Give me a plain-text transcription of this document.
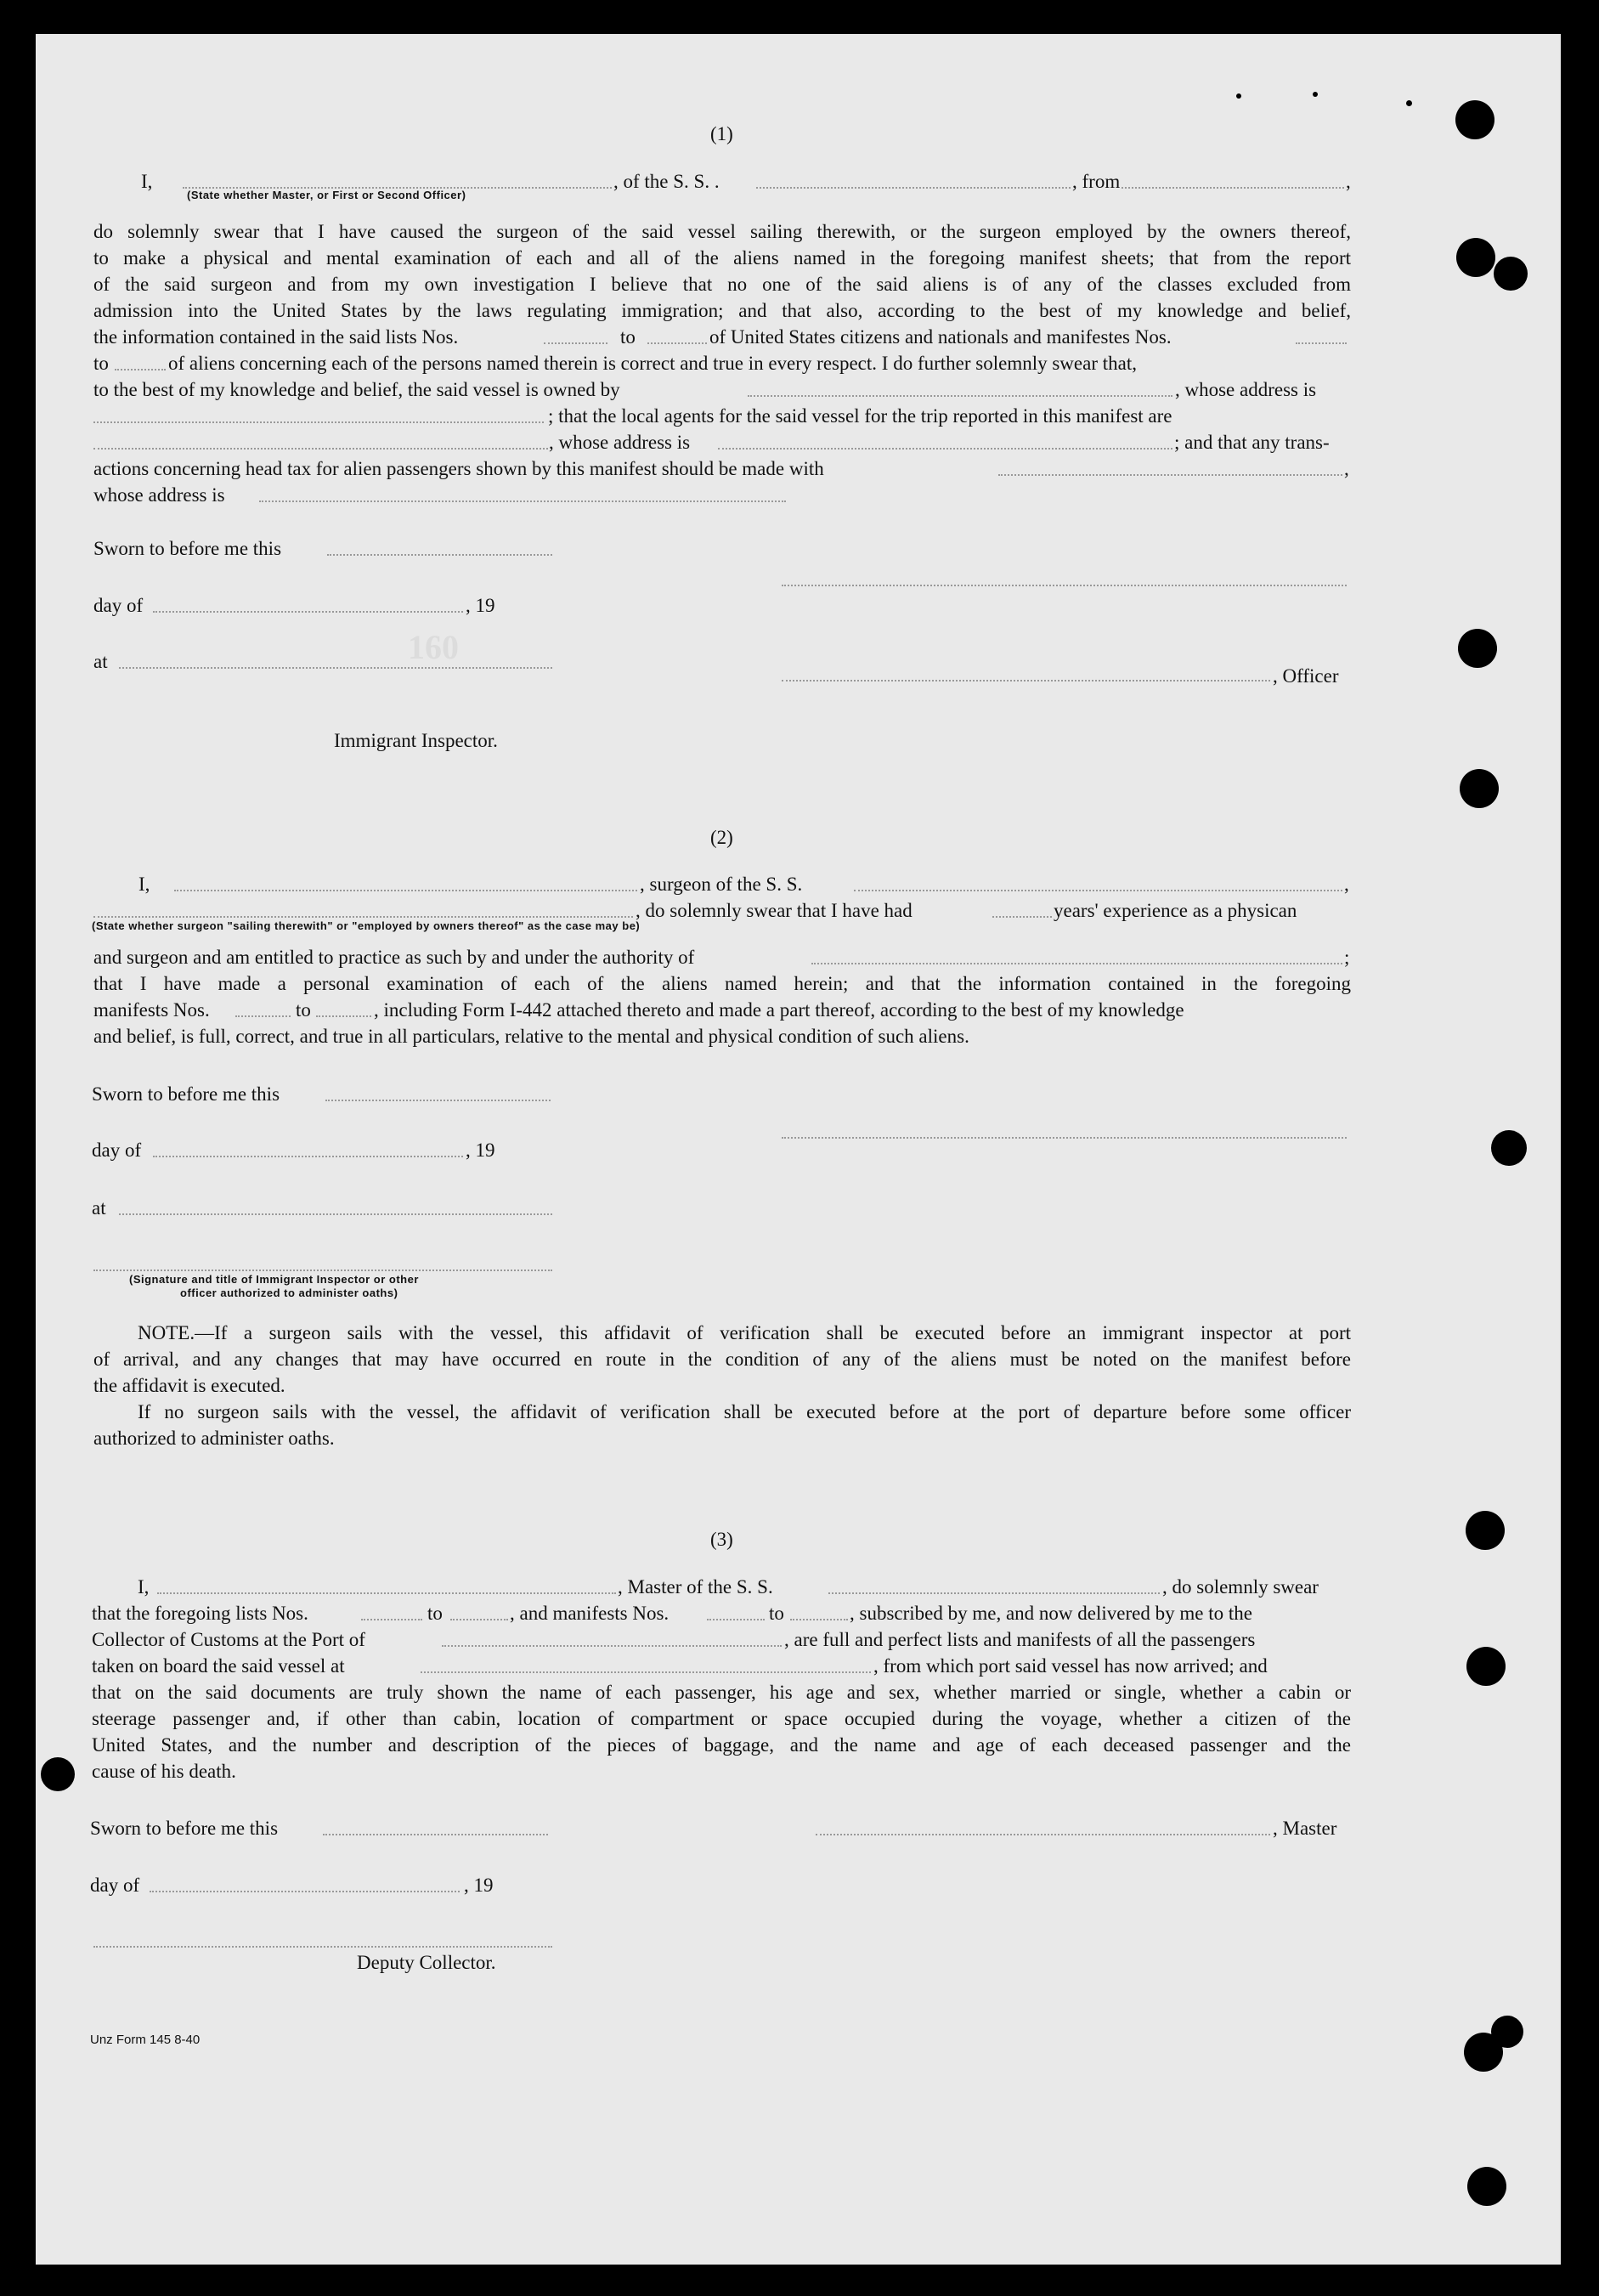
160
(1)
I,
(State whether Master, or First or Second Officer)
, of the S. S. .	, from	,
do solemnly swear that I have caused the surgeon of the said vessel sailing therewith, or the surgeon employed by the owners thereof,
to make a physical and mental examination of each and all of the aliens named in the foregoing manifest sheets; that from the report
of the said surgeon and from my own investigation I believe that no one of the said aliens is of any of the classes excluded from
admission into the United States by the laws regulating immigration; and that also, according to the best of my knowledge and belief,
the information contained in the said lists Nos.	to	of United States citizens and nationals and manifestes Nos.
to	of aliens concerning each of the persons named therein is correct and true in every respect. I do further solemnly swear that,
to the best of my knowledge and belief, the said vessel is owned by	, whose address is
; that the local agents for the said vessel for the trip reported in this manifest are
, whose address is	; and that any trans-
actions concerning head tax for alien passengers shown by this manifest should be made with	,
whose address is
Sworn to before me this
day of	, 19
at
, Officer
Immigrant Inspector.
(2)
I,	, surgeon of the S. S.	,
, do solemnly swear that I have had	years' experience as a physican
(State whether surgeon "sailing therewith" or "employed by owners thereof" as the case may be)
and surgeon and am entitled to practice as such by and under the authority of	;
that I have made a personal examination of each of the aliens named herein; and that the information contained in the foregoing
manifests Nos.	to	, including Form I-442 attached thereto and made a part thereof, according to the best of my knowledge
and belief, is full, correct, and true in all particulars, relative to the mental and physical condition of such aliens.
Sworn to before me this
day of	, 19
at
(Signature and title of Immigrant Inspector or other
officer authorized to administer oaths)
NOTE.—If a surgeon sails with the vessel, this affidavit of verification shall be executed before an immigrant inspector at port
of arrival, and any changes that may have occurred en route in the condition of any of the aliens must be noted on the manifest before
the affidavit is executed.
If no surgeon sails with the vessel, the affidavit of verification shall be executed before at the port of departure before some officer
authorized to administer oaths.
(3)
I,	, Master of the S. S.	, do solemnly swear
that the foregoing lists Nos.	to	, and manifests Nos.	to	, subscribed by me, and now delivered by me to the
Collector of Customs at the Port of	, are full and perfect lists and manifests of all the passengers
taken on board the said vessel at	, from which port said vessel has now arrived; and
that on the said documents are truly shown the name of each passenger, his age and sex, whether married or single, whether a cabin or
steerage passenger and, if other than cabin, location of compartment or space occupied during the voyage, whether a citizen of the
United States, and the number and description of the pieces of baggage, and the name and age of each deceased passenger and the
cause of his death.
Sworn to before me this	, Master
day of	, 19
Deputy Collector.
Unz Form 145 8-40
